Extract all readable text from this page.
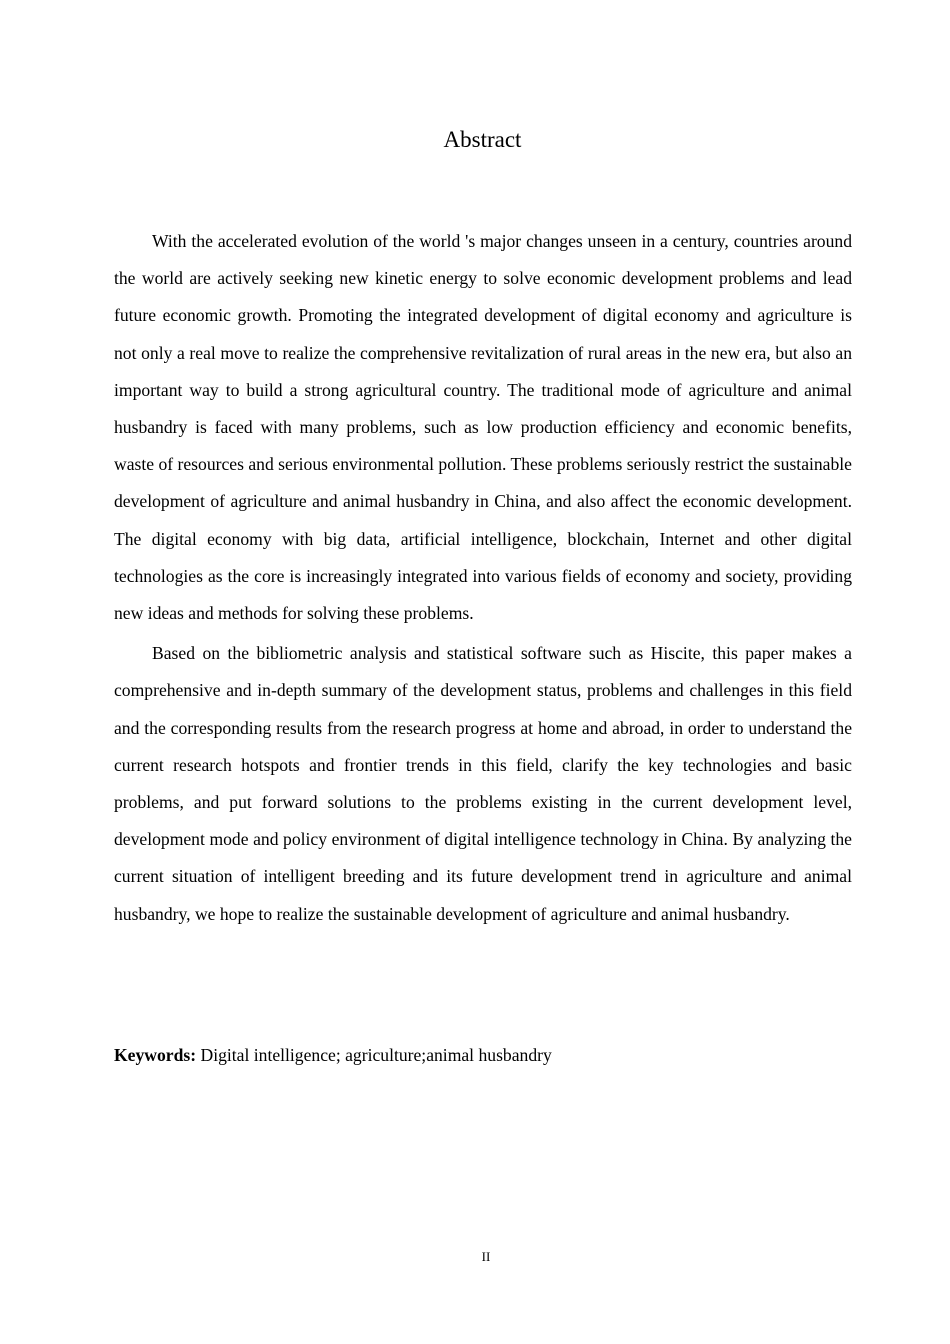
Abstract

With the accelerated evolution of the world 's major changes unseen in a century, countries around the world are actively seeking new kinetic energy to solve economic development problems and lead future economic growth. Promoting the integrated development of digital economy and agriculture is not only a real move to realize the comprehensive revitalization of rural areas in the new era, but also an important way to build a strong agricultural country. The traditional mode of agriculture and animal husbandry is faced with many problems, such as low production efficiency and economic benefits, waste of resources and serious environmental pollution. These problems seriously restrict the sustainable development of agriculture and animal husbandry in China, and also affect the economic development. The digital economy with big data, artificial intelligence, blockchain, Internet and other digital technologies as the core is increasingly integrated into various fields of economy and society, providing new ideas and methods for solving these problems.

Based on the bibliometric analysis and statistical software such as Hiscite, this paper makes a comprehensive and in-depth summary of the development status, problems and challenges in this field and the corresponding results from the research progress at home and abroad, in order to understand the current research hotspots and frontier trends in this field, clarify the key technologies and basic problems, and put forward solutions to the problems existing in the current development level, development mode and policy environment of digital intelligence technology in China. By analyzing the current situation of intelligent breeding and its future development trend in agriculture and animal husbandry, we hope to realize the sustainable development of agriculture and animal husbandry.

Keywords: Digital intelligence; agriculture;animal husbandry

II
